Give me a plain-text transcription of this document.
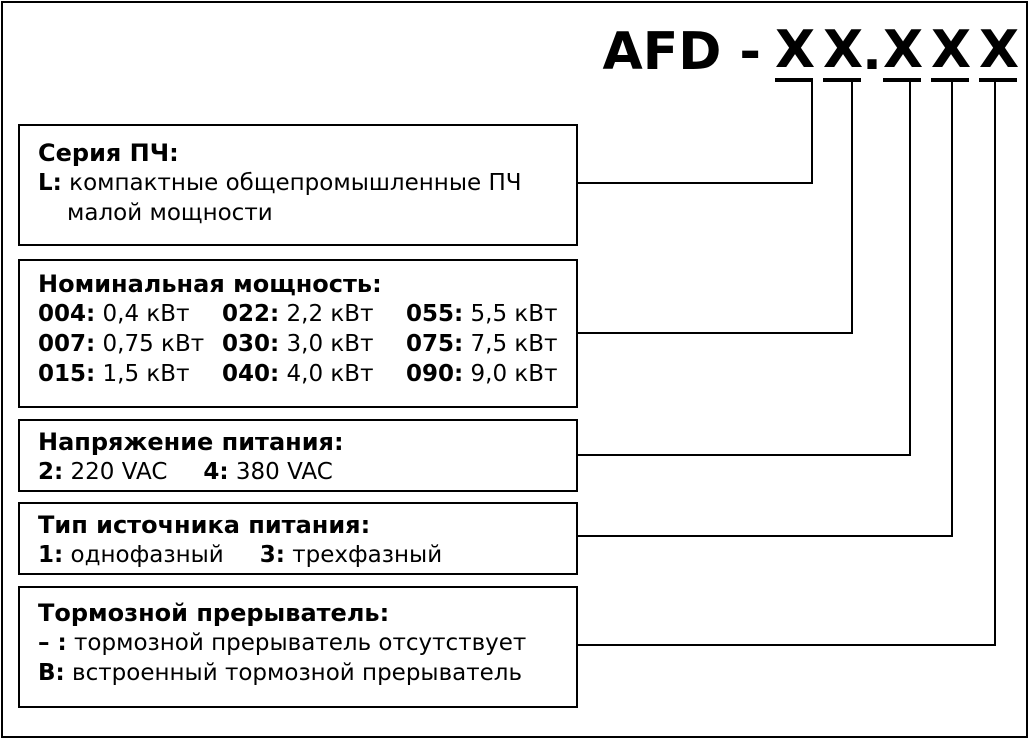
AFD - X X . X X X
Серия ПЧ:
L: компактные общепромышленные ПЧ
малой мощности
Номинальная мощность:
004: 0,4 кВт	022: 2,2 кВт	055: 5,5 кВт
007: 0,75 кВт 030: 3,0 кВт	075: 7,5 кВт
015: 1,5 кВт	040: 4,0 кВт	090: 9,0 кВт
Напряжение питания:
2: 220 VAC 4: 380 VAC
Тип источника питания:
1: однофазный 3: трехфазный
Тормозной прерыватель:
– : тормозной прерыватель отсутствует
B: встроенный тормозной прерыватель
